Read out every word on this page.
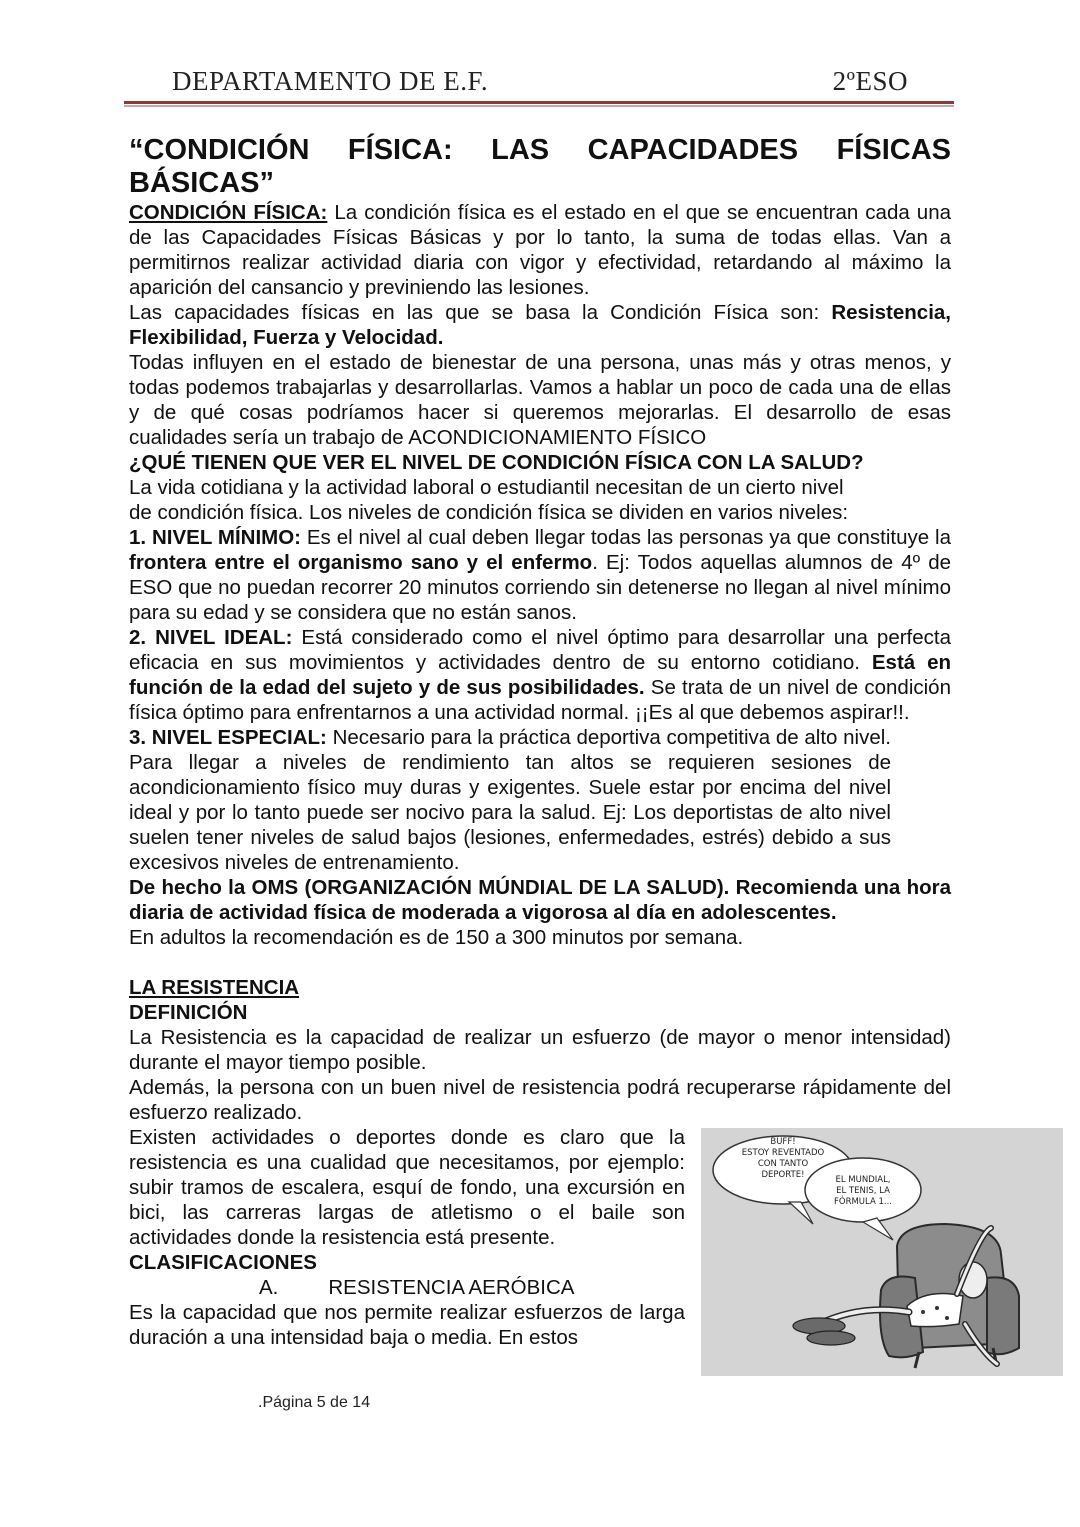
DEPARTAMENTO DE E.F.	2ºESO
“CONDICIÓN FÍSICA: LAS CAPACIDADES FÍSICAS
BÁSICAS”

CONDICIÓN FÍSICA: La condición física es el estado en el que se encuentran cada una de las Capacidades Físicas Básicas y por lo tanto, la suma de todas ellas. Van a permitirnos realizar actividad diaria con vigor y efectividad, retardando al máximo la aparición del cansancio y previniendo las lesiones.

Las capacidades físicas en las que se basa la Condición Física son: Resistencia, Flexibilidad, Fuerza y Velocidad.

Todas influyen en el estado de bienestar de una persona, unas más y otras menos, y todas podemos trabajarlas y desarrollarlas. Vamos a hablar un poco de cada una de ellas y de qué cosas podríamos hacer si queremos mejorarlas. El desarrollo de esas cualidades sería un trabajo de ACONDICIONAMIENTO FÍSICO

¿QUÉ TIENEN QUE VER EL NIVEL DE CONDICIÓN FÍSICA CON LA SALUD?

La vida cotidiana y la actividad laboral o estudiantil necesitan de un cierto nivel

de condición física. Los niveles de condición física se dividen en varios niveles:

1. NIVEL MÍNIMO: Es el nivel al cual deben llegar todas las personas ya que constituye la frontera entre el organismo sano y el enfermo. Ej: Todos aquellas alumnos de 4º de ESO que no puedan recorrer 20 minutos corriendo sin detenerse no llegan al nivel mínimo para su edad y se considera que no están sanos.

2. NIVEL IDEAL: Está considerado como el nivel óptimo para desarrollar una perfecta eficacia en sus movimientos y actividades dentro de su entorno cotidiano. Está en función de la edad del sujeto y de sus posibilidades. Se trata de un nivel de condición física óptimo para enfrentarnos a una actividad normal. ¡¡Es al que debemos aspirar!!.

3. NIVEL ESPECIAL: Necesario para la práctica deportiva competitiva de alto nivel. Para llegar a niveles de rendimiento tan altos se requieren sesiones de acondicionamiento físico muy duras y exigentes. Suele estar por encima del nivel ideal y por lo tanto puede ser nocivo para la salud. Ej: Los deportistas de alto nivel suelen tener niveles de salud bajos (lesiones, enfermedades, estrés) debido a sus excesivos niveles de entrenamiento.

De hecho la OMS (ORGANIZACIÓN MÚNDIAL DE LA SALUD). Recomienda una hora diaria de actividad física de moderada a vigorosa al día en adolescentes.

En adultos la recomendación es de 150 a 300 minutos por semana.

LA RESISTENCIA

DEFINICIÓN

La Resistencia es la capacidad de realizar un esfuerzo (de mayor o menor intensidad) durante el mayor tiempo posible.

Además, la persona con un buen nivel de resistencia podrá recuperarse rápidamente del esfuerzo realizado.

Existen actividades o deportes donde es claro que la resistencia es una cualidad que necesitamos, por ejemplo: subir tramos de escalera, esquí de fondo, una excursión en bici, las carreras largas de atletismo o el baile son actividades donde la resistencia está presente.

CLASIFICACIONES

A. RESISTENCIA AERÓBICA

Es la capacidad que nos permite realizar esfuerzos de larga duración a una intensidad baja o media. En estos

BUFF!
ESTOY REVENTADO
CON TANTO
DEPORTE!	EL MUNDIAL,
EL TENIS, LA
FÓRMULA 1...
.Página 5 de 14
